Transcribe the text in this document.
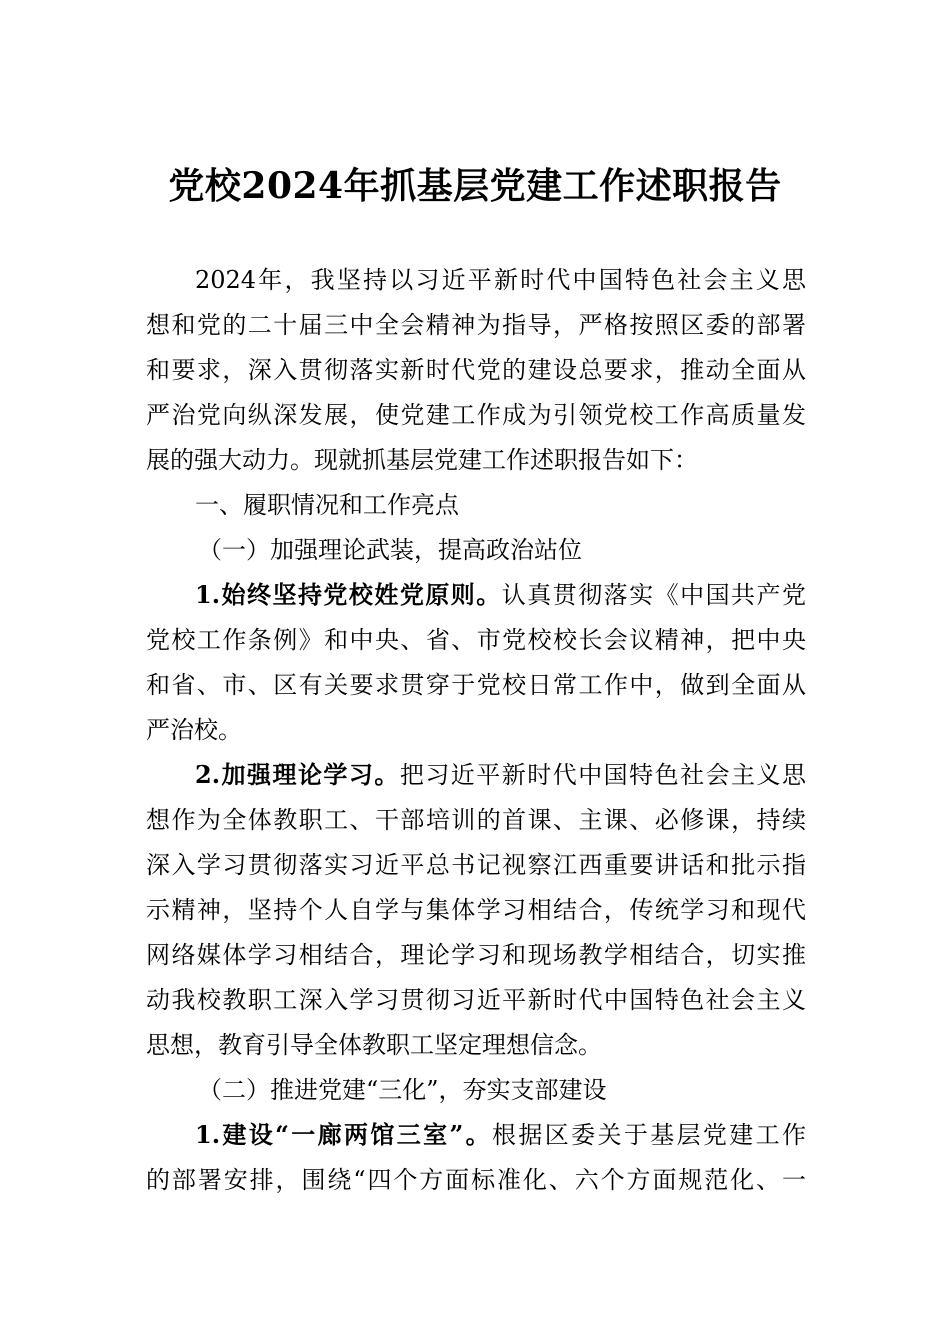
党校2024年抓基层党建工作述职报告
2024年，我坚持以习近平新时代中国特色社会主义思
想和党的二十届三中全会精神为指导，严格按照区委的部署
和要求，深入贯彻落实新时代党的建设总要求，推动全面从
严治党向纵深发展，使党建工作成为引领党校工作高质量发
展的强大动力。现就抓基层党建工作述职报告如下：
一、履职情况和工作亮点
（一）加强理论武装，提高政治站位
1.始终坚持党校姓党原则。认真贯彻落实《中国共产党
党校工作条例》和中央、省、市党校校长会议精神，把中央
和省、市、区有关要求贯穿于党校日常工作中，做到全面从
严治校。
2.加强理论学习。把习近平新时代中国特色社会主义思
想作为全体教职工、干部培训的首课、主课、必修课，持续
深入学习贯彻落实习近平总书记视察江西重要讲话和批示指
示精神，坚持个人自学与集体学习相结合，传统学习和现代
网络媒体学习相结合，理论学习和现场教学相结合，切实推
动我校教职工深入学习贯彻习近平新时代中国特色社会主义
思想，教育引导全体教职工坚定理想信念。
（二）推进党建“三化”，夯实支部建设
1.建设“一廊两馆三室”。根据区委关于基层党建工作
的部署安排，围绕“四个方面标准化、六个方面规范化、一
